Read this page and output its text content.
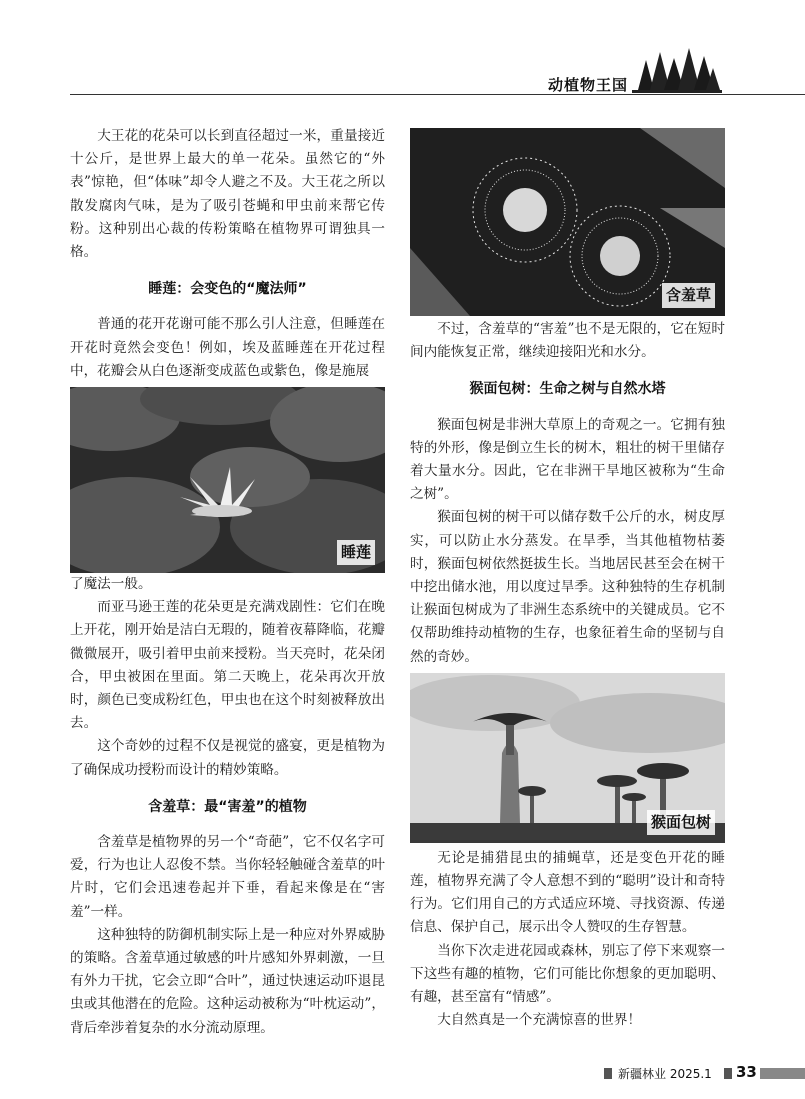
动植物王国

大王花的花朵可以长到直径超过一米，重量接近十公斤，是世界上最大的单一花朵。虽然它的“外表”惊艳，但“体味”却令人避之不及。大王花之所以散发腐肉气味，是为了吸引苍蝇和甲虫前来帮它传粉。这种别出心裁的传粉策略在植物界可谓独具一格。

睡莲：会变色的“魔法师”

普通的花开花谢可能不那么引人注意，但睡莲在开花时竟然会变色！例如，埃及蓝睡莲在开花过程中，花瓣会从白色逐渐变成蓝色或紫色，像是施展

睡莲

了魔法一般。

而亚马逊王莲的花朵更是充满戏剧性：它们在晚上开花，刚开始是洁白无瑕的，随着夜幕降临，花瓣微微展开，吸引着甲虫前来授粉。当天亮时，花朵闭合，甲虫被困在里面。第二天晚上，花朵再次开放时，颜色已变成粉红色，甲虫也在这个时刻被释放出去。

这个奇妙的过程不仅是视觉的盛宴，更是植物为了确保成功授粉而设计的精妙策略。

含羞草：最“害羞”的植物

含羞草是植物界的另一个“奇葩”，它不仅名字可爱，行为也让人忍俊不禁。当你轻轻触碰含羞草的叶片时，它们会迅速卷起并下垂，看起来像是在“害羞”一样。

这种独特的防御机制实际上是一种应对外界威胁的策略。含羞草通过敏感的叶片感知外界刺激，一旦有外力干扰，它会立即“合叶”，通过快速运动吓退昆虫或其他潜在的危险。这种运动被称为“叶枕运动”，背后牵涉着复杂的水分流动原理。

含羞草

不过，含羞草的“害羞”也不是无限的，它在短时间内能恢复正常，继续迎接阳光和水分。

猴面包树：生命之树与自然水塔

猴面包树是非洲大草原上的奇观之一。它拥有独特的外形，像是倒立生长的树木，粗壮的树干里储存着大量水分。因此，它在非洲干旱地区被称为“生命之树”。

猴面包树的树干可以储存数千公斤的水，树皮厚实，可以防止水分蒸发。在旱季，当其他植物枯萎时，猴面包树依然挺拔生长。当地居民甚至会在树干中挖出储水池，用以度过旱季。这种独特的生存机制让猴面包树成为了非洲生态系统中的关键成员。它不仅帮助维持动植物的生存，也象征着生命的坚韧与自然的奇妙。

猴面包树

无论是捕猎昆虫的捕蝇草，还是变色开花的睡莲，植物界充满了令人意想不到的“聪明”设计和奇特行为。它们用自己的方式适应环境、寻找资源、传递信息、保护自己，展示出令人赞叹的生存智慧。

当你下次走进花园或森林，别忘了停下来观察一下这些有趣的植物，它们可能比你想象的更加聪明、有趣，甚至富有“情感”。

大自然真是一个充满惊喜的世界！

新疆林业 2025.1 33
